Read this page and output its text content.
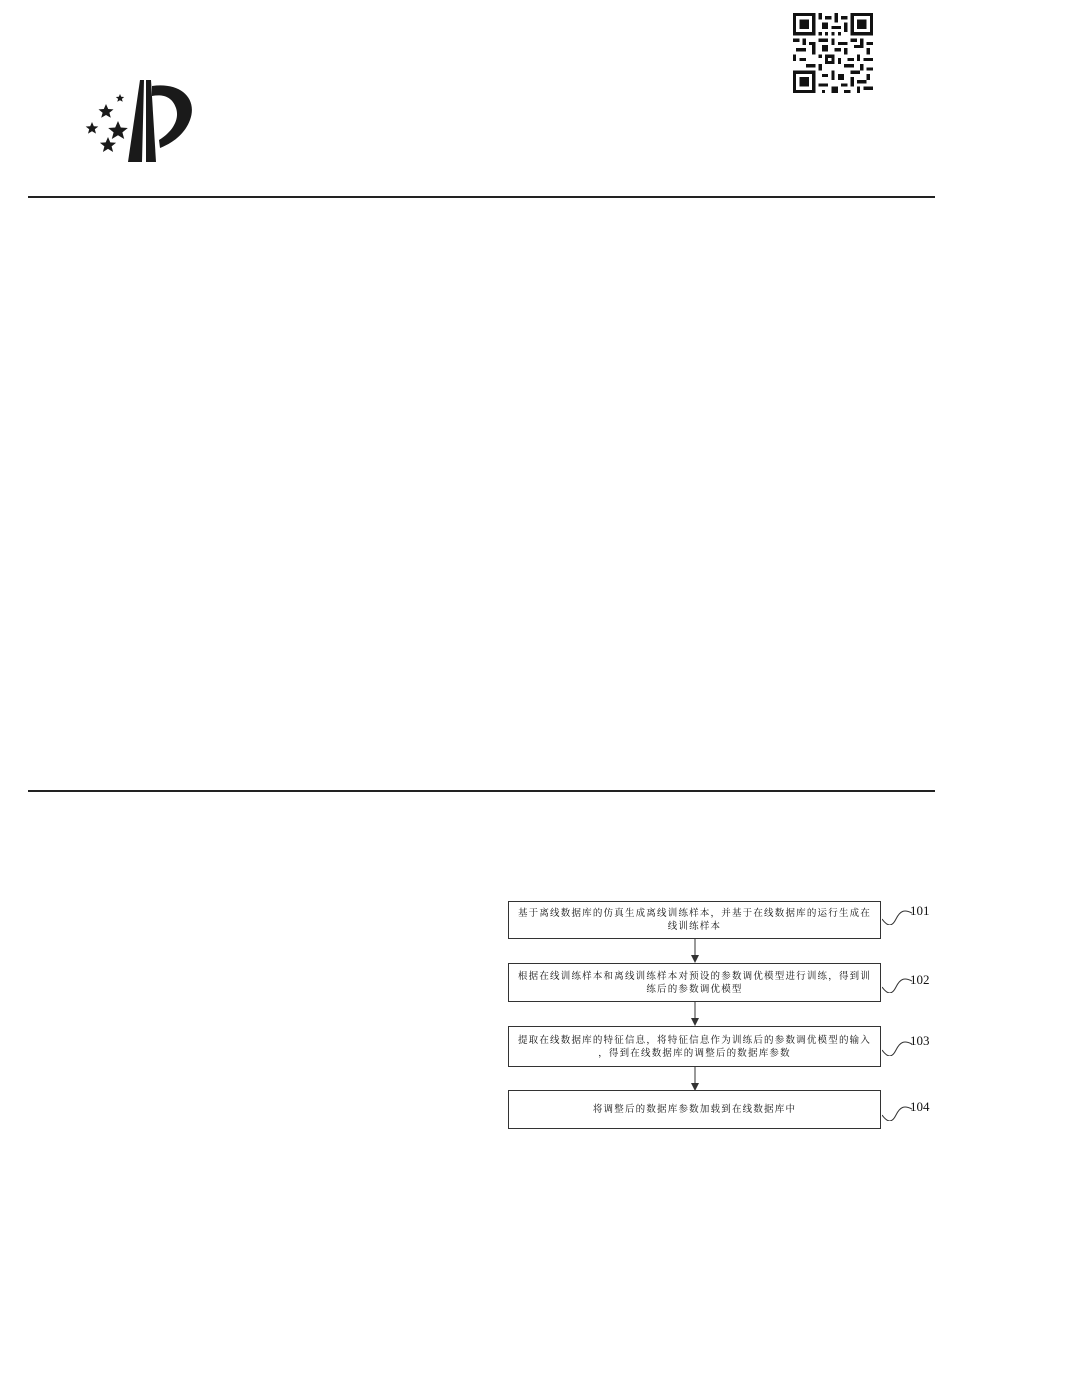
基于离线数据库的仿真生成离线训练样本，并基于在线数据库的运行生成在
线训练样本
101
根据在线训练样本和离线训练样本对预设的参数调优模型进行训练，得到训
练后的参数调优模型
102
提取在线数据库的特征信息，将特征信息作为训练后的参数调优模型的输入
，得到在线数据库的调整后的数据库参数
103
将调整后的数据库参数加载到在线数据库中	104
